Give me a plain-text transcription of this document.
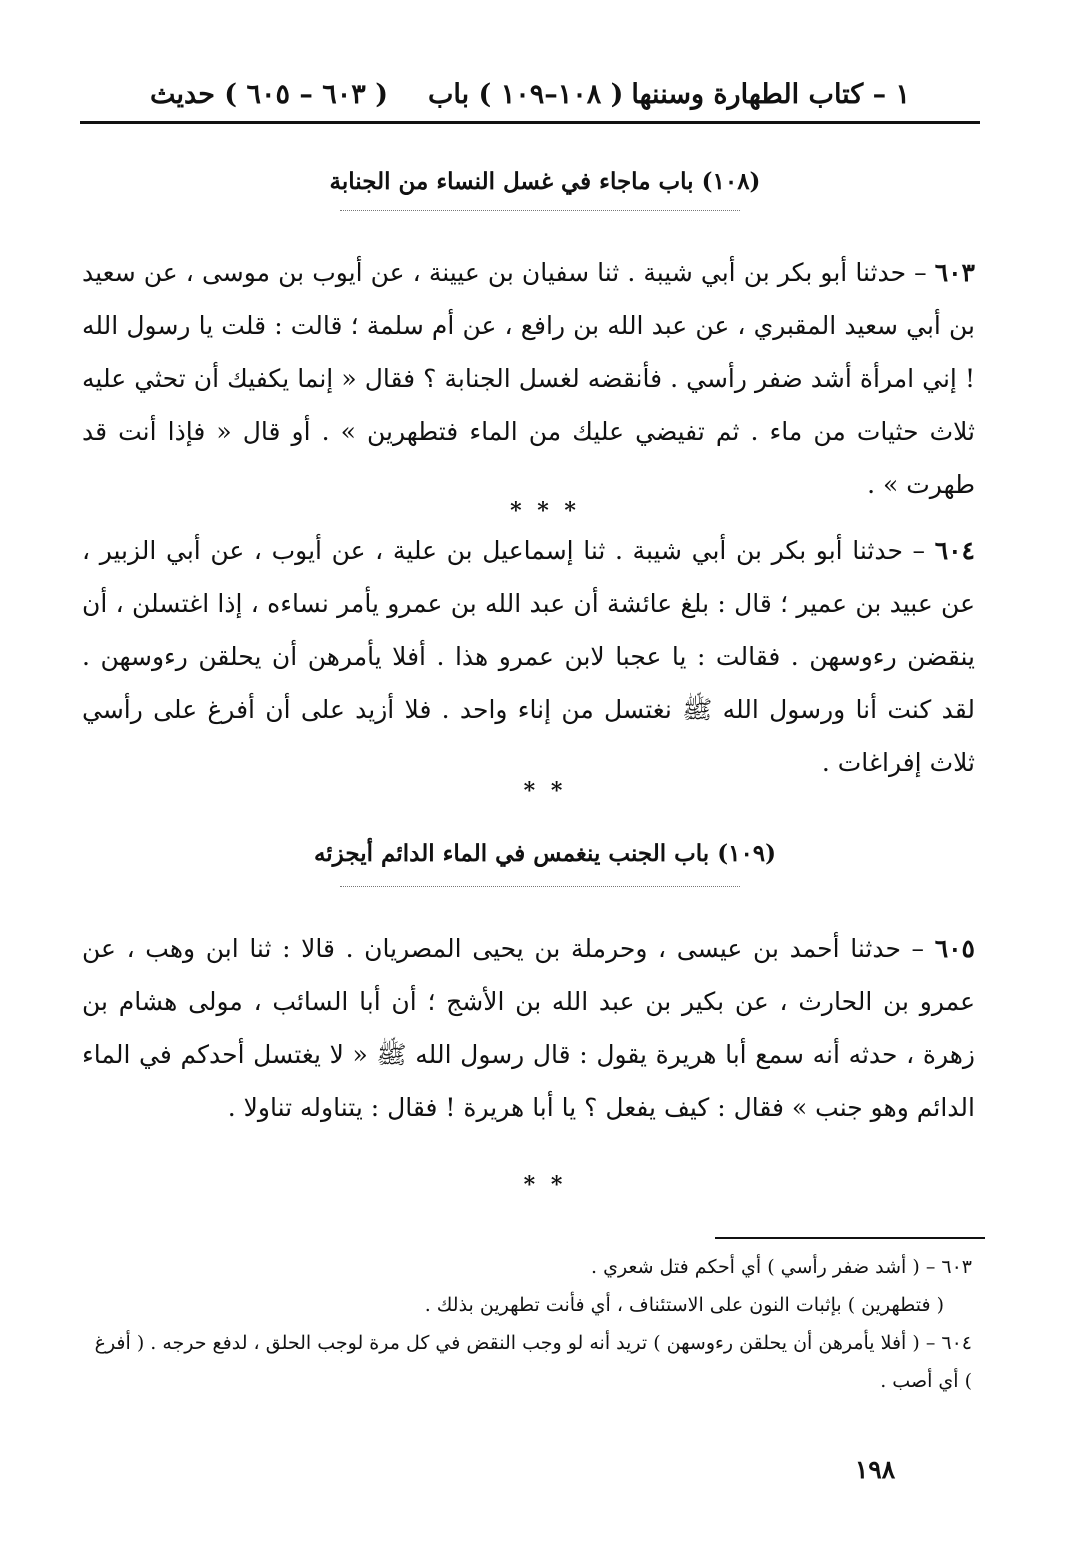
١ – كتاب الطهارة وسننها
( ١٠٨–١٠٩ ) باب
( ٦٠٣ – ٦٠٥ ) حديث
(١٠٨) باب ماجاء في غسل النساء من الجنابة
٦٠٣ – حدثنا أبو بكر بن أبي شيبة . ثنا سفيان بن عيينة ، عن أيوب بن موسى ، عن سعيد بن أبي سعيد المقبري ، عن عبد الله بن رافع ، عن أم سلمة ؛ قالت : قلت يا رسول الله ! إني امرأة أشد ضفر رأسي . فأنقضه لغسل الجنابة ؟ فقال « إنما يكفيك أن تحثي عليه ثلاث حثيات من ماء . ثم تفيضي عليك من الماء فتطهرين » . أو قال « فإذا أنت قد طهرت » .
* * *
٦٠٤ – حدثنا أبو بكر بن أبي شيبة . ثنا إسماعيل بن علية ، عن أيوب ، عن أبي الزبير ، عن عبيد بن عمير ؛ قال : بلغ عائشة أن عبد الله بن عمرو يأمر نساءه ، إذا اغتسلن ، أن ينقضن رءوسهن . فقالت : يا عجبا لابن عمرو هذا . أفلا يأمرهن أن يحلقن رءوسهن . لقد كنت أنا ورسول الله ﷺ نغتسل من إناء واحد . فلا أزيد على أن أفرغ على رأسي ثلاث إفراغات .
* *
(١٠٩) باب الجنب ينغمس في الماء الدائم أيجزئه
٦٠٥ – حدثنا أحمد بن عيسى ، وحرملة بن يحيى المصريان . قالا : ثنا ابن وهب ، عن عمرو بن الحارث ، عن بكير بن عبد الله بن الأشج ؛ أن أبا السائب ، مولى هشام بن زهرة ، حدثه أنه سمع أبا هريرة يقول : قال رسول الله ﷺ « لا يغتسل أحدكم في الماء الدائم وهو جنب » فقال : كيف يفعل ؟ يا أبا هريرة ! فقال : يتناوله تناولا .
* *

٦٠٣ – ( أشد ضفر رأسي ) أي أحكم فتل شعري .

( فتطهرين ) بإثبات النون على الاستئناف ، أي فأنت تطهرين بذلك .

٦٠٤ – ( أفلا يأمرهن أن يحلقن رءوسهن ) تريد أنه لو وجب النقض في كل مرة لوجب الحلق ، لدفع حرجه . ( أفرغ ) أي أصب .

١٩٨
